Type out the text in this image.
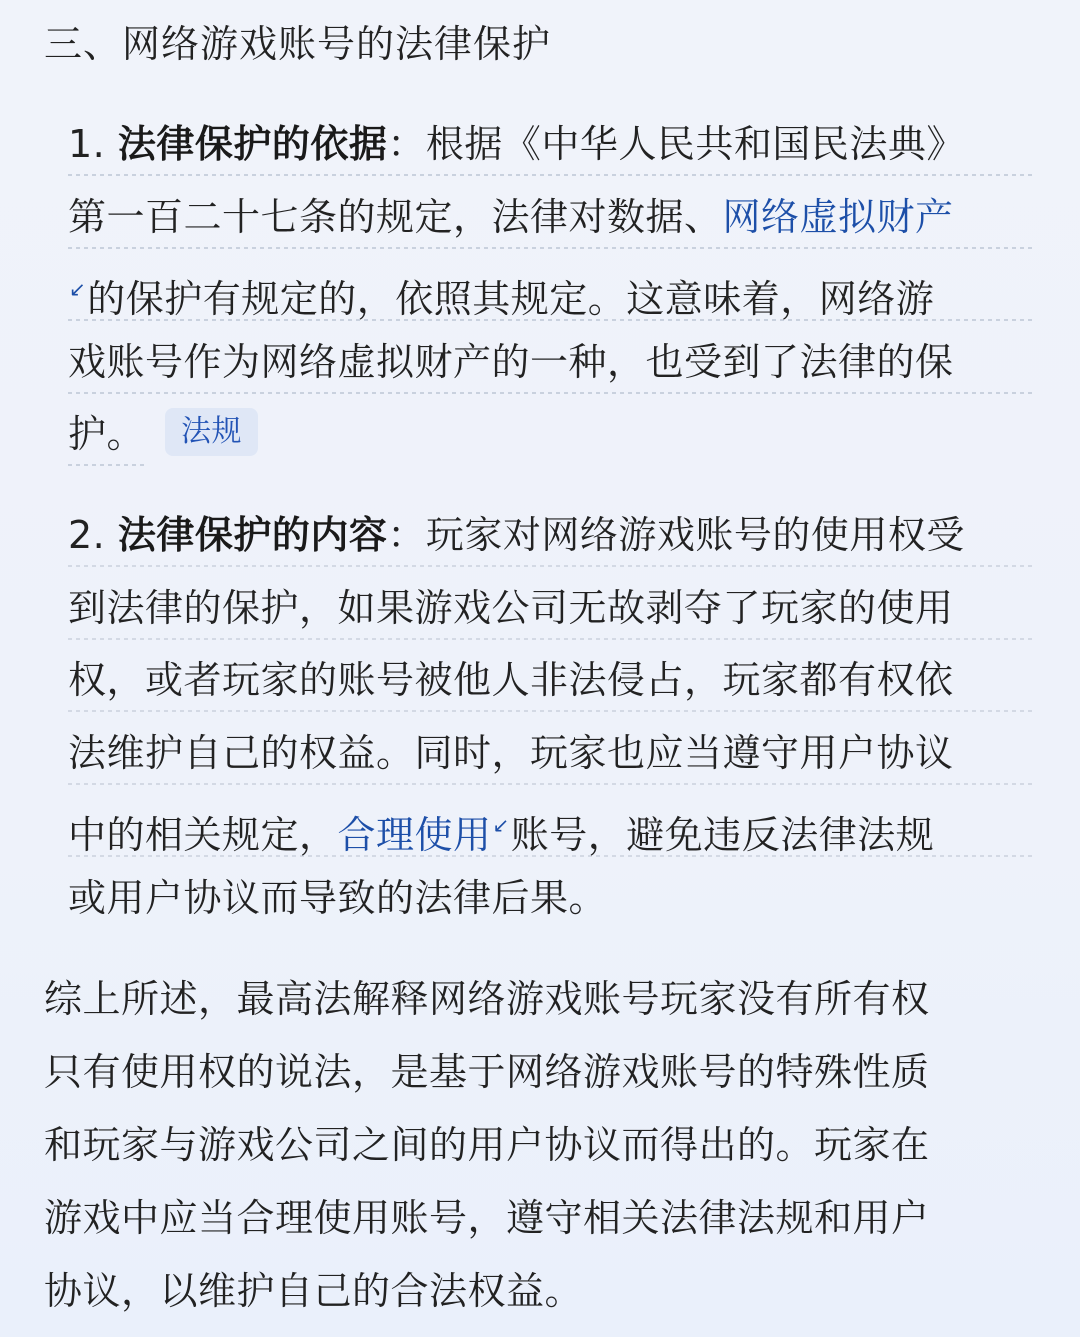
三、网络游戏账号的法律保护
1. 法律保护的依据：根据《中华人民共和国民法典》
第一百二十七条的规定，法律对数据、网络虚拟财产
↙的保护有规定的，依照其规定。这意味着，网络游
戏账号作为网络虚拟财产的一种，也受到了法律的保
护。 法规
2. 法律保护的内容：玩家对网络游戏账号的使用权受
到法律的保护，如果游戏公司无故剥夺了玩家的使用
权，或者玩家的账号被他人非法侵占，玩家都有权依
法维护自己的权益。同时，玩家也应当遵守用户协议
中的相关规定，合理使用↙账号，避免违反法律法规
或用户协议而导致的法律后果。
综上所述，最高法解释网络游戏账号玩家没有所有权
只有使用权的说法，是基于网络游戏账号的特殊性质
和玩家与游戏公司之间的用户协议而得出的。玩家在
游戏中应当合理使用账号，遵守相关法律法规和用户
协议，以维护自己的合法权益。
